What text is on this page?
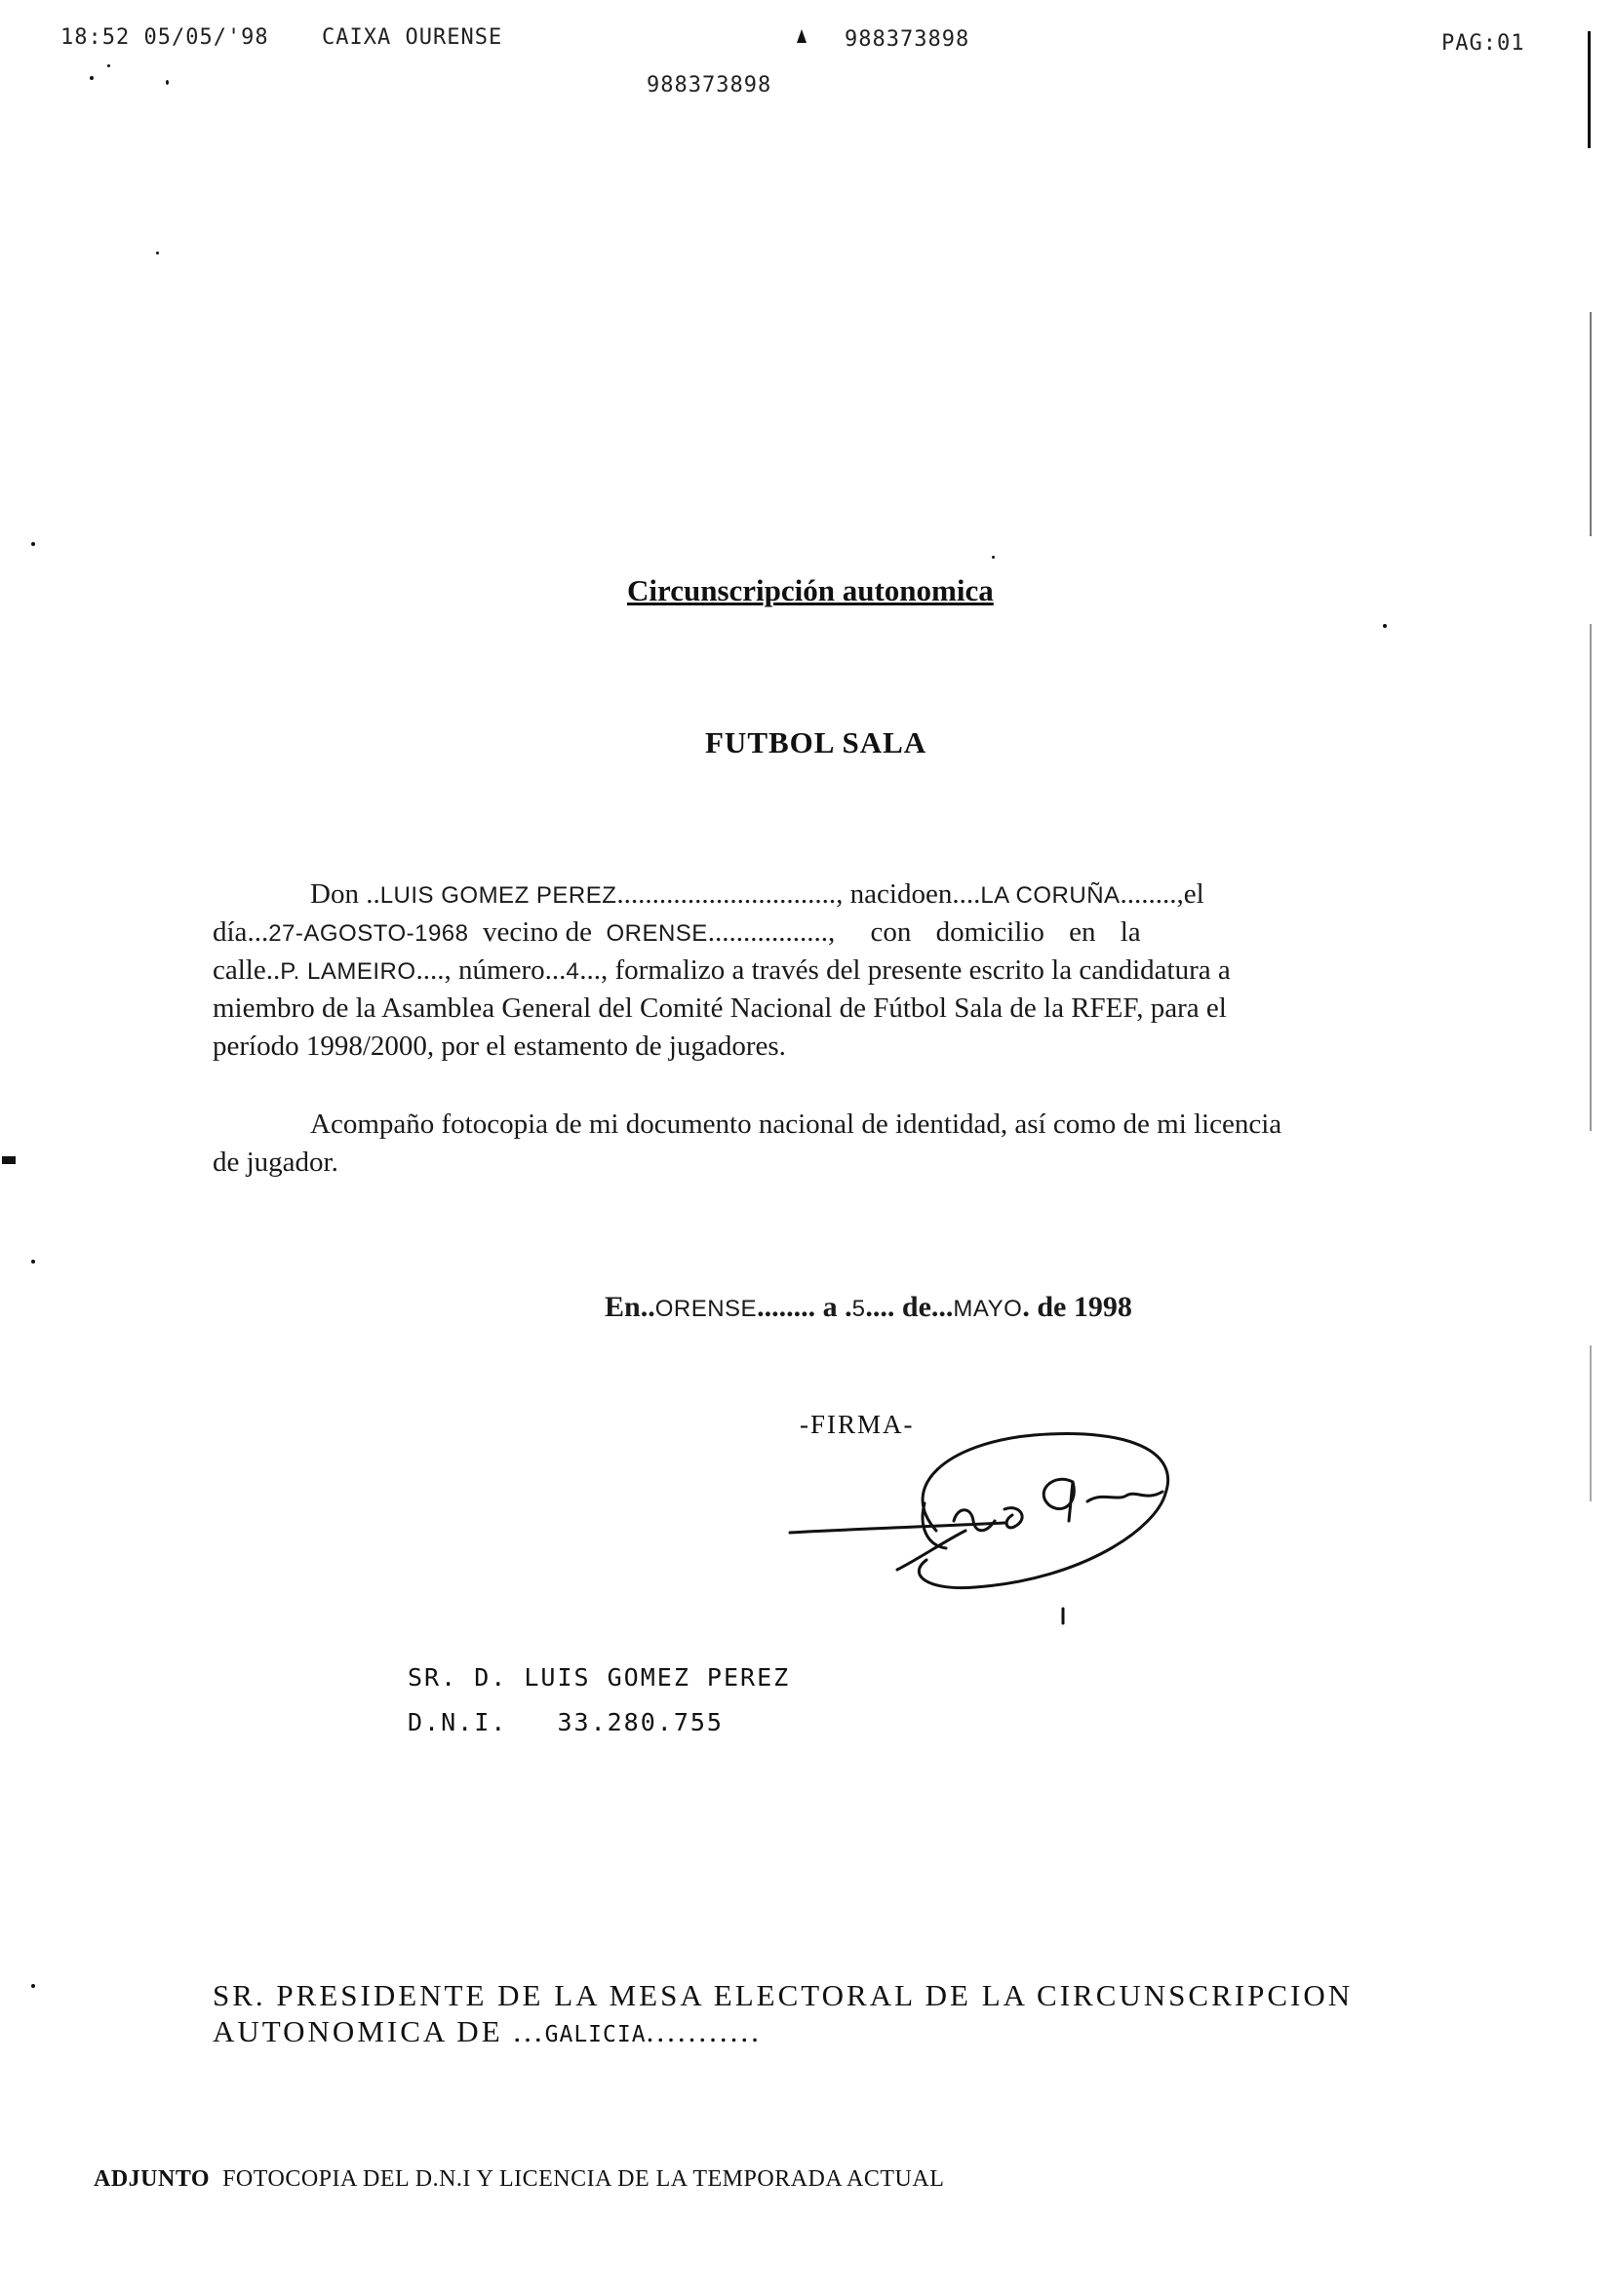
18:52 05/05/'98 CAIXA OURENSE	988373898	PAG:01
988373898
Circunscripción autonomica
FUTBOL SALA
Don ..LUIS GOMEZ PEREZ..............................., nacidoen....LA CORUÑA........,el
día...27-AGOSTO-1968 vecino de ORENSE.................,     con domicilio en la
calle..P. LAMEIRO...., número...4..., formalizo a través del presente escrito la candidatura a
miembro de la Asamblea General del Comité Nacional de Fútbol Sala de la RFEF, para el
período 1998/2000, por el estamento de jugadores.
Acompaño fotocopia de mi documento nacional de identidad, así como de mi licencia
de jugador.
En..ORENSE........ a .5.... de...MAYO. de 1998
-FIRMA-
SR. D. LUIS GOMEZ PEREZ
D.N.I. 33.280.755
SR. PRESIDENTE DE LA MESA ELECTORAL DE LA CIRCUNSCRIPCION
AUTONOMICA DE ...GALICIA...........
ADJUNTO FOTOCOPIA DEL D.N.I Y LICENCIA DE LA TEMPORADA ACTUAL
